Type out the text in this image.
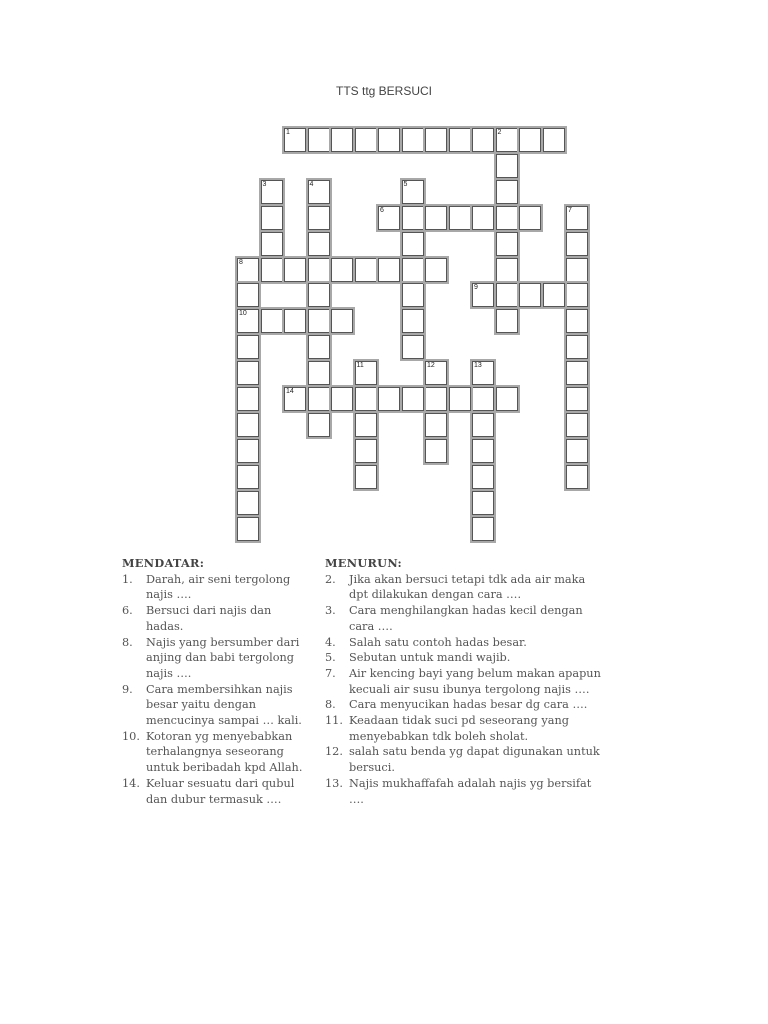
TTS ttg BERSUCI
1	2
3	4	5
6	7
8
10
9
11	12	13
14
MENDATAR:
1. Darah, air seni tergolong najis ….
6. Bersuci dari najis dan hadas.
8. Najis yang bersumber dari anjing dan babi tergolong najis ….
9. Cara membersihkan najis besar yaitu dengan mencucinya sampai … kali.
10. Kotoran yg menyebabkan terhalangnya seseorang untuk beribadah kpd Allah.
14. Keluar sesuatu dari qubul dan dubur termasuk ….
MENURUN:
2. Jika akan bersuci tetapi tdk ada air maka dpt dilakukan dengan cara ….
3. Cara menghilangkan hadas kecil dengan cara ….
4. Salah satu contoh hadas besar.
5. Sebutan untuk mandi wajib.
7. Air kencing bayi yang belum makan apapun kecuali air susu ibunya tergolong najis ….
8. Cara menyucikan hadas besar dg cara ….
11. Keadaan tidak suci pd seseorang yang menyebabkan tdk boleh sholat.
12. salah satu benda yg dapat digunakan untuk bersuci.
13. Najis mukhaffafah adalah najis yg bersifat ….
